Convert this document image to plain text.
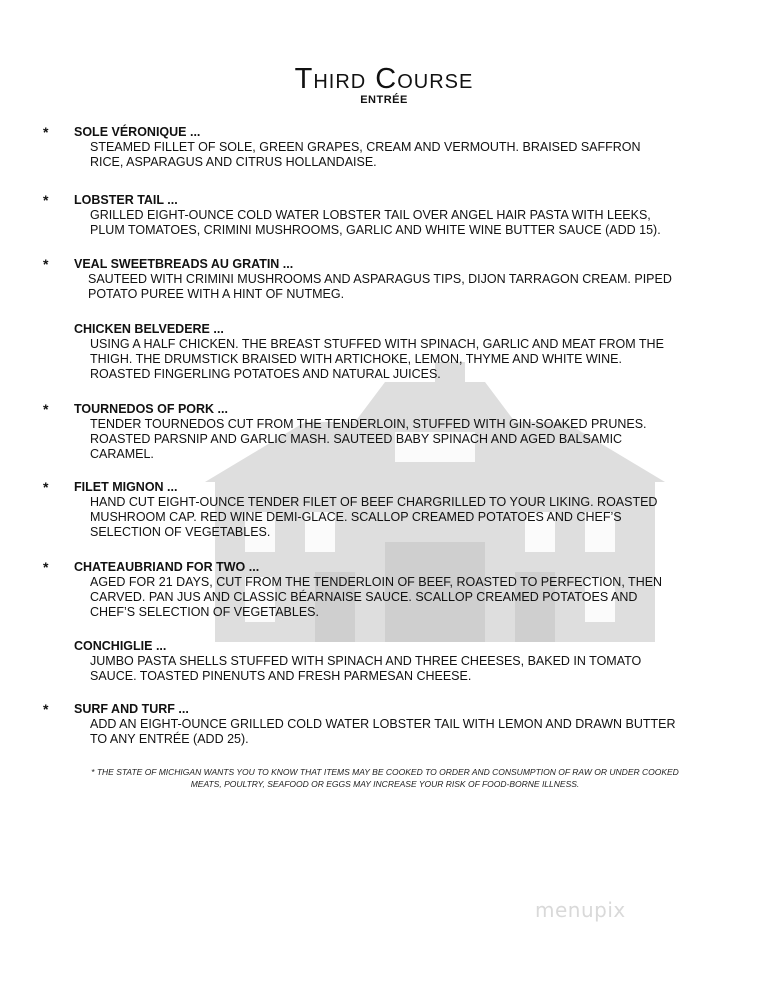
Third Course
ENTRÉE
* SOLE VÉRONIQUE ...
STEAMED FILLET OF SOLE, GREEN GRAPES, CREAM AND VERMOUTH. BRAISED SAFFRON
RICE, ASPARAGUS AND CITRUS HOLLANDAISE.
* LOBSTER TAIL ...
GRILLED EIGHT-OUNCE COLD WATER LOBSTER TAIL OVER ANGEL HAIR PASTA WITH LEEKS,
PLUM TOMATOES, CRIMINI MUSHROOMS, GARLIC AND WHITE WINE BUTTER SAUCE (ADD 15).
* VEAL SWEETBREADS AU GRATIN ...
SAUTEED WITH CRIMINI MUSHROOMS AND ASPARAGUS TIPS, DIJON TARRAGON CREAM. PIPED
POTATO PUREE WITH A HINT OF NUTMEG.
CHICKEN BELVEDERE ...
USING A HALF CHICKEN. THE BREAST STUFFED WITH SPINACH, GARLIC AND MEAT FROM THE
THIGH. THE DRUMSTICK BRAISED WITH ARTICHOKE, LEMON, THYME AND WHITE WINE.
ROASTED FINGERLING POTATOES AND NATURAL JUICES.
* TOURNEDOS OF PORK ...
TENDER TOURNEDOS CUT FROM THE TENDERLOIN, STUFFED WITH GIN-SOAKED PRUNES.
ROASTED PARSNIP AND GARLIC MASH. SAUTEED BABY SPINACH AND AGED BALSAMIC
CARAMEL.
* FILET MIGNON ...
HAND CUT EIGHT-OUNCE TENDER FILET OF BEEF CHARGRILLED TO YOUR LIKING. ROASTED
MUSHROOM CAP. RED WINE DEMI-GLACE. SCALLOP CREAMED POTATOES AND CHEF’S
SELECTION OF VEGETABLES.
* CHATEAUBRIAND FOR TWO ...
AGED FOR 21 DAYS, CUT FROM THE TENDERLOIN OF BEEF, ROASTED TO PERFECTION, THEN
CARVED. PAN JUS AND CLASSIC BÉARNAISE SAUCE. SCALLOP CREAMED POTATOES AND
CHEF’S SELECTION OF VEGETABLES.
CONCHIGLIE ...
JUMBO PASTA SHELLS STUFFED WITH SPINACH AND THREE CHEESES, BAKED IN TOMATO
SAUCE. TOASTED PINENUTS AND FRESH PARMESAN CHEESE.
* SURF AND TURF ...
ADD AN EIGHT-OUNCE GRILLED COLD WATER LOBSTER TAIL WITH LEMON AND DRAWN BUTTER
TO ANY ENTRÉE (ADD 25).
* THE STATE OF MICHIGAN WANTS YOU TO KNOW THAT ITEMS MAY BE COOKED TO ORDER AND CONSUMPTION OF RAW OR UNDER COOKED
MEATS, POULTRY, SEAFOOD OR EGGS MAY INCREASE YOUR RISK OF FOOD-BORNE ILLNESS.
menupix
